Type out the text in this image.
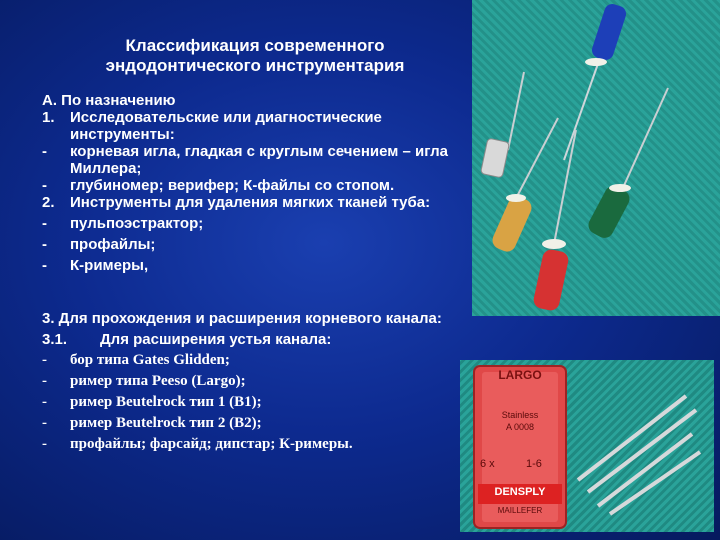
Классификация современного
эндодонтического инструментария
А. По назначению
1. Исследовательские или диагностические инструменты:
- корневая игла, гладкая с круглым сечением – игла Миллера;
- глубиномер; верифер; К-файлы со стопом.
2. Инструменты для удаления мягких тканей туба:
- пульпоэстрактор;
- профайлы;
- К-римеры,
3. Для прохождения и расширения корневого канала:
3.1. Для расширения устья канала:
- бор типа Gates Glidden;
- ример типа Peeso (Largo);
- ример Beutelrock тип 1 (В1);
- ример Beutelrock тип 2 (В2);
- профайлы; фарсайд; дипстар; К-римеры.
LARGO
Stainless
A 0008
6 x	1-6
DENSPLY
MAILLEFER
